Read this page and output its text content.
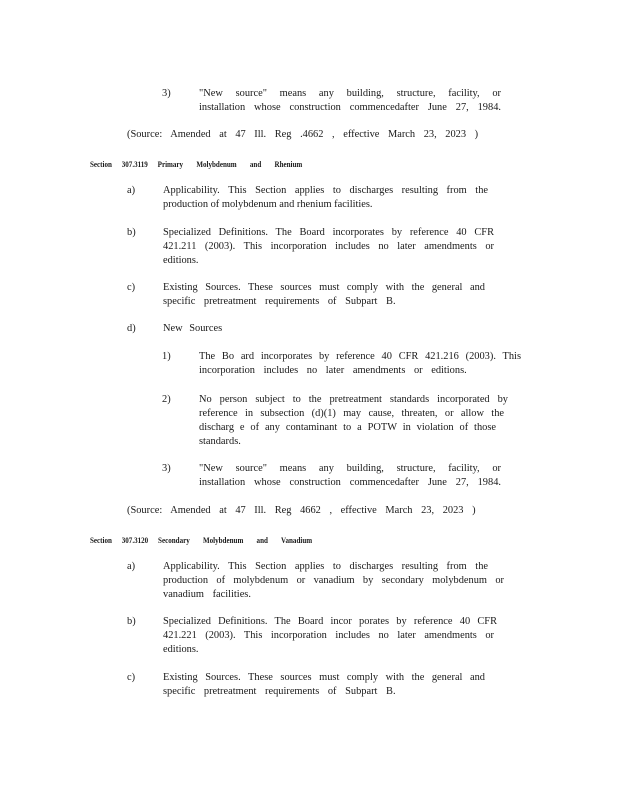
3)	"New source" means any building, structure, facility, or
installation whose construction commencedafter June 27, 1984.
(Source: Amended at 47 Ill. Reg .4662 , effective March 23, 2023 )
Section 307.3119 Primary Molybdenum and Rhenium
a)	Applicability. This Section applies to discharges resulting from the
production of molybdenum and rhenium facilities.
b)	Specialized Definitions. The Board incorporates by reference 40 CFR
421.211 (2003). This incorporation includes no later amendments or
editions.
c)	Existing Sources. These sources must comply with the general and
specific pretreatment requirements of Subpart B.
d)	New Sources
1)	The Bo ard incorporates by reference 40 CFR 421.216 (2003). This
incorporation includes no later amendments or editions.
2)	No person subject to the pretreatment standards incorporated by
reference in subsection (d)(1) may cause, threaten, or allow the
discharg e of any contaminant to a POTW in violation of those
standards.
3)	"New source" means any building, structure, facility, or
installation whose construction commencedafter June 27, 1984.
(Source: Amended at 47 Ill. Reg 4662 , effective March 23, 2023 )
Section 307.3120 Secondary Molybdenum and Vanadium
a)	Applicability. This Section applies to discharges resulting from the
production of molybdenum or vanadium by secondary molybdenum or
vanadium facilities.
b)	Specialized Definitions. The Board incor porates by reference 40 CFR
421.221 (2003). This incorporation includes no later amendments or
editions.
c)	Existing Sources. These sources must comply with the general and
specific pretreatment requirements of Subpart B.
